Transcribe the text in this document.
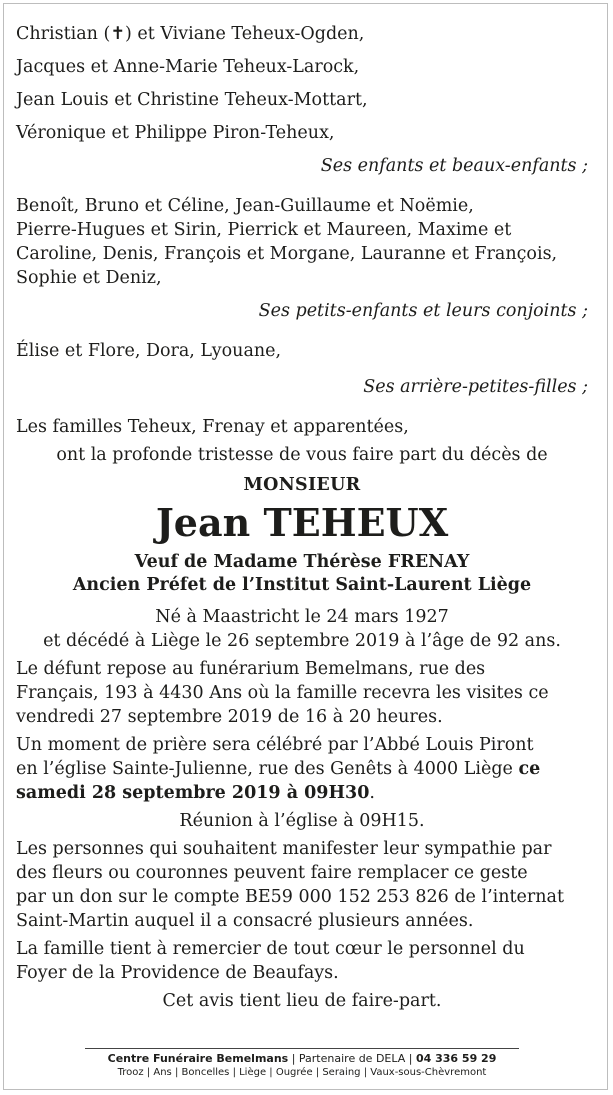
Christian (✝) et Viviane Teheux-Ogden,
Jacques et Anne-Marie Teheux-Larock,
Jean Louis et Christine Teheux-Mottart,
Véronique et Philippe Piron-Teheux,
Ses enfants et beaux-enfants ;
Benoît, Bruno et Céline, Jean-Guillaume et Noëmie,
Pierre-Hugues et Sirin, Pierrick et Maureen, Maxime et
Caroline, Denis, François et Morgane, Lauranne et François,
Sophie et Deniz,
Ses petits-enfants et leurs conjoints ;
Élise et Flore, Dora, Lyouane,
Ses arrière-petites-filles ;
Les familles Teheux, Frenay et apparentées,
ont la profonde tristesse de vous faire part du décès de
MONSIEUR
Jean TEHEUX
Veuf de Madame Thérèse FRENAY
Ancien Préfet de l’Institut Saint-Laurent Liège
Né à Maastricht le 24 mars 1927
et décédé à Liège le 26 septembre 2019 à l’âge de 92 ans.
Le défunt repose au funérarium Bemelmans, rue des
Français, 193 à 4430 Ans où la famille recevra les visites ce
vendredi 27 septembre 2019 de 16 à 20 heures.
Un moment de prière sera célébré par l’Abbé Louis Piront
en l’église Sainte-Julienne, rue des Genêts à 4000 Liège ce
samedi 28 septembre 2019 à 09H30.
Réunion à l’église à 09H15.
Les personnes qui souhaitent manifester leur sympathie par
des fleurs ou couronnes peuvent faire remplacer ce geste
par un don sur le compte BE59 000 152 253 826 de l’internat
Saint-Martin auquel il a consacré plusieurs années.
La famille tient à remercier de tout cœur le personnel du
Foyer de la Providence de Beaufays.
Cet avis tient lieu de faire-part.
Centre Funéraire Bemelmans | Partenaire de DELA | 04 336 59 29
Trooz | Ans | Boncelles | Liège | Ougrée | Seraing | Vaux-sous-Chèvremont
